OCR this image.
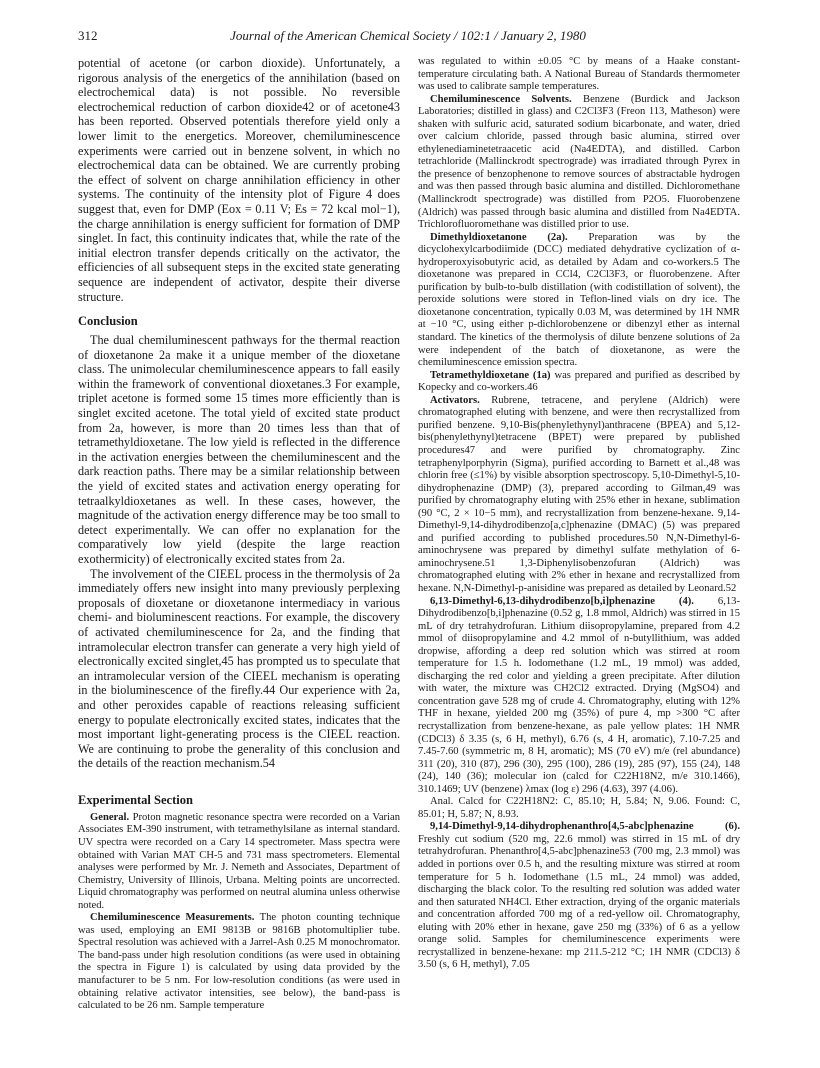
312	Journal of the American Chemical Society / 102:1 / January 2, 1980

potential of acetone (or carbon dioxide). Unfortunately, a rigorous analysis of the energetics of the annihilation (based on electrochemical data) is not possible. No reversible electrochemical reduction of carbon dioxide42 or of acetone43 has been reported. Observed potentials therefore yield only a lower limit to the energetics. Moreover, chemiluminescence experiments were carried out in benzene solvent, in which no electrochemical data can be obtained. We are currently probing the effect of solvent on charge annihilation efficiency in other systems. The continuity of the intensity plot of Figure 4 does suggest that, even for DMP (Eox = 0.11 V; Es = 72 kcal mol−1), the charge annihilation is energy sufficient for formation of DMP singlet. In fact, this continuity indicates that, while the rate of the initial electron transfer depends critically on the activator, the efficiencies of all subsequent steps in the excited state generating sequence are independent of activator, despite their diverse structure.

Conclusion

The dual chemiluminescent pathways for the thermal reaction of dioxetanone 2a make it a unique member of the dioxetane class. The unimolecular chemiluminescence appears to fall easily within the framework of conventional dioxetanes.3 For example, triplet acetone is formed some 15 times more efficiently than is singlet excited acetone. The total yield of excited state product from 2a, however, is more than 20 times less than that of tetramethyldioxetane. The low yield is reflected in the difference in the activation energies between the chemiluminescent and the dark reaction paths. There may be a similar relationship between the yield of excited states and activation energy operating for tetraalkyldioxetanes as well. In these cases, however, the magnitude of the activation energy difference may be too small to detect experimentally. We can offer no explanation for the comparatively low yield (despite the large reaction exothermicity) of electronically excited states from 2a.

The involvement of the CIEEL process in the thermolysis of 2a immediately offers new insight into many previously perplexing proposals of dioxetane or dioxetanone intermediacy in various chemi- and bioluminescent reactions. For example, the discovery of activated chemiluminescence for 2a, and the finding that intramolecular electron transfer can generate a very high yield of electronically excited singlet,45 has prompted us to speculate that an intramolecular version of the CIEEL mechanism is operating in the bioluminescence of the firefly.44 Our experience with 2a, and other peroxides capable of reactions releasing sufficient energy to populate electronically excited states, indicates that the most important light-generating process is the CIEEL reaction. We are continuing to probe the generality of this conclusion and the details of the reaction mechanism.54

Experimental Section

General. Proton magnetic resonance spectra were recorded on a Varian Associates EM-390 instrument, with tetramethylsilane as internal standard. UV spectra were recorded on a Cary 14 spectrometer. Mass spectra were obtained with Varian MAT CH-5 and 731 mass spectrometers. Elemental analyses were performed by Mr. J. Nemeth and Associates, Department of Chemistry, University of Illinois, Urbana. Melting points are uncorrected. Liquid chromatography was performed on neutral alumina unless otherwise noted.

Chemiluminescence Measurements. The photon counting technique was used, employing an EMI 9813B or 9816B photomultiplier tube. Spectral resolution was achieved with a Jarrel-Ash 0.25 M monochromator. The band-pass under high resolution conditions (as were used in obtaining the spectra in Figure 1) is calculated by using data provided by the manufacturer to be 5 nm. For low-resolution conditions (as were used in obtaining relative activator intensities, see below), the band-pass is calculated to be 26 nm. Sample temperature

was regulated to within ±0.05 °C by means of a Haake constant-temperature circulating bath. A National Bureau of Standards thermometer was used to calibrate sample temperatures.

Chemiluminescence Solvents. Benzene (Burdick and Jackson Laboratories; distilled in glass) and C2Cl3F3 (Freon 113, Matheson) were shaken with sulfuric acid, saturated sodium bicarbonate, and water, dried over calcium chloride, passed through basic alumina, stirred over ethylenediaminetetraacetic acid (Na4EDTA), and distilled. Carbon tetrachloride (Mallinckrodt spectrograde) was irradiated through Pyrex in the presence of benzophenone to remove sources of abstractable hydrogen and was then passed through basic alumina and distilled. Dichloromethane (Mallinckrodt spectrograde) was distilled from P2O5. Fluorobenzene (Aldrich) was passed through basic alumina and distilled from Na4EDTA. Trichlorofluoromethane was distilled prior to use.

Dimethyldioxetanone (2a). Preparation was by the dicyclohexylcarbodiimide (DCC) mediated dehydrative cyclization of α-hydroperoxyisobutyric acid, as detailed by Adam and co-workers.5 The dioxetanone was prepared in CCl4, C2Cl3F3, or fluorobenzene. After purification by bulb-to-bulb distillation (with codistillation of solvent), the peroxide solutions were stored in Teflon-lined vials on dry ice. The dioxetanone concentration, typically 0.03 M, was determined by 1H NMR at −10 °C, using either p-dichlorobenzene or dibenzyl ether as internal standard. The kinetics of the thermolysis of dilute benzene solutions of 2a were independent of the batch of dioxetanone, as were the chemiluminescence emission spectra.

Tetramethyldioxetane (1a) was prepared and purified as described by Kopecky and co-workers.46

Activators. Rubrene, tetracene, and perylene (Aldrich) were chromatographed eluting with benzene, and were then recrystallized from purified benzene. 9,10-Bis(phenylethynyl)anthracene (BPEA) and 5,12-bis(phenylethynyl)tetracene (BPET) were prepared by published procedures47 and were purified by chromatography. Zinc tetraphenylporphyrin (Sigma), purified according to Barnett et al.,48 was chlorin free (≤1%) by visible absorption spectroscopy. 5,10-Dimethyl-5,10-dihydrophenazine (DMP) (3), prepared according to Gilman,49 was purified by chromatography eluting with 25% ether in hexane, sublimation (90 °C, 2 × 10−5 mm), and recrystallization from benzene-hexane. 9,14-Dimethyl-9,14-dihydrodibenzo[a,c]phenazine (DMAC) (5) was prepared and purified according to published procedures.50 N,N-Dimethyl-6-aminochrysene was prepared by dimethyl sulfate methylation of 6-aminochrysene.51 1,3-Diphenylisobenzofuran (Aldrich) was chromatographed eluting with 2% ether in hexane and recrystallized from hexane. N,N-Dimethyl-p-anisidine was prepared as detailed by Leonard.52

6,13-Dimethyl-6,13-dihydrodibenzo[b,i]phenazine (4). 6,13-Dihydrodibenzo[b,i]phenazine (0.52 g, 1.8 mmol, Aldrich) was stirred in 15 mL of dry tetrahydrofuran. Lithium diisopropylamine, prepared from 4.2 mmol of diisopropylamine and 4.2 mmol of n-butyllithium, was added dropwise, affording a deep red solution which was stirred at room temperature for 1.5 h. Iodomethane (1.2 mL, 19 mmol) was added, discharging the red color and yielding a green precipitate. After dilution with water, the mixture was CH2Cl2 extracted. Drying (MgSO4) and concentration gave 528 mg of crude 4. Chromatography, eluting with 12% THF in hexane, yielded 200 mg (35%) of pure 4, mp >300 °C after recrystallization from benzene-hexane, as pale yellow plates: 1H NMR (CDCl3) δ 3.35 (s, 6 H, methyl), 6.76 (s, 4 H, aromatic), 7.10-7.25 and 7.45-7.60 (symmetric m, 8 H, aromatic); MS (70 eV) m/e (rel abundance) 311 (20), 310 (87), 296 (30), 295 (100), 286 (19), 285 (97), 155 (24), 148 (24), 140 (36); molecular ion (calcd for C22H18N2, m/e 310.1466), 310.1469; UV (benzene) λmax (log ε) 296 (4.63), 397 (4.06).

Anal. Calcd for C22H18N2: C, 85.10; H, 5.84; N, 9.06. Found: C, 85.01; H, 5.87; N, 8.93.

9,14-Dimethyl-9,14-dihydrophenanthro[4,5-abc]phenazine (6). Freshly cut sodium (520 mg, 22.6 mmol) was stirred in 15 mL of dry tetrahydrofuran. Phenanthro[4,5-abc]phenazine53 (700 mg, 2.3 mmol) was added in portions over 0.5 h, and the resulting mixture was stirred at room temperature for 5 h. Iodomethane (1.5 mL, 24 mmol) was added, discharging the black color. To the resulting red solution was added water and then saturated NH4Cl. Ether extraction, drying of the organic materials and concentration afforded 700 mg of a red-yellow oil. Chromatography, eluting with 20% ether in hexane, gave 250 mg (33%) of 6 as a yellow orange solid. Samples for chemiluminescence experiments were recrystallized in benzene-hexane: mp 211.5-212 °C; 1H NMR (CDCl3) δ 3.50 (s, 6 H, methyl), 7.05
